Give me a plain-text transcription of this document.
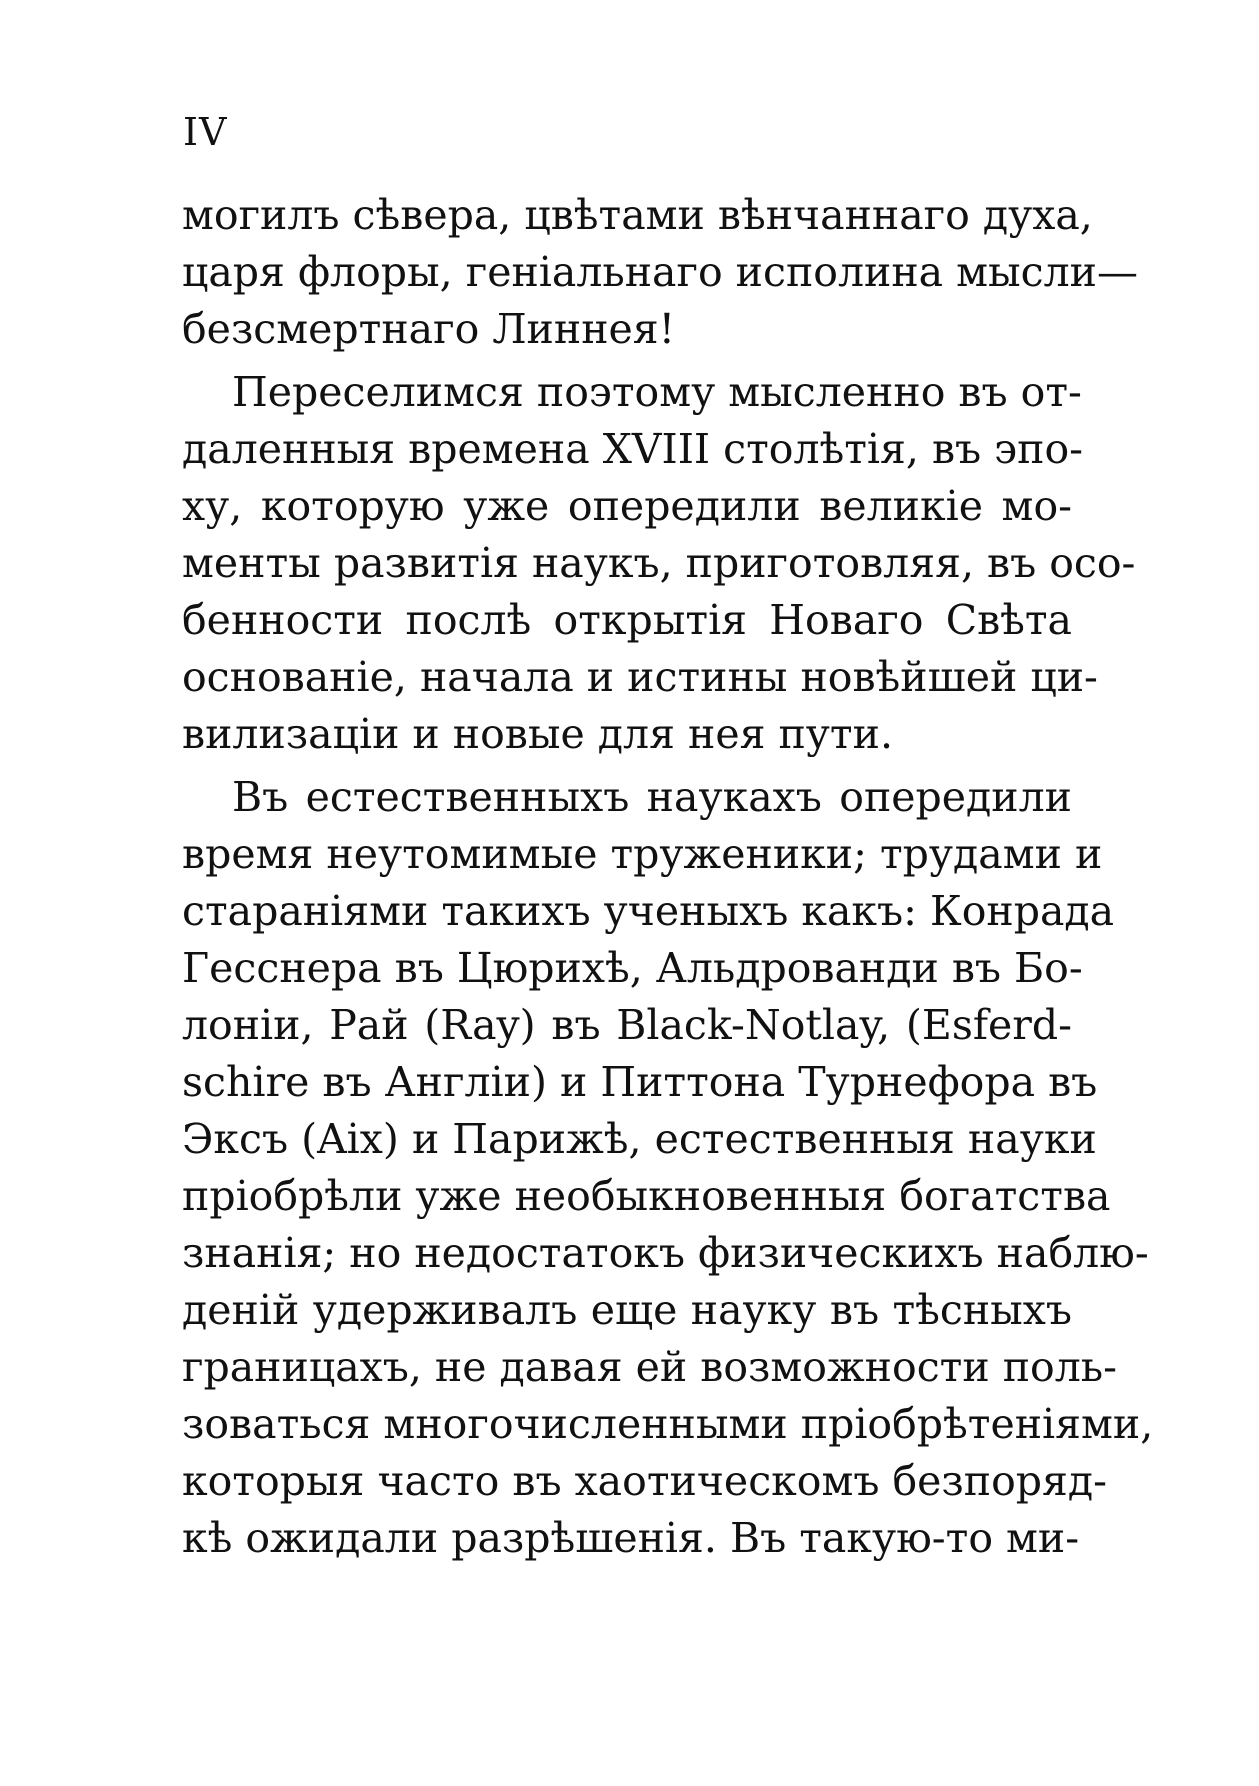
IV
могилъ сѣвера, цвѣтами вѣнчаннаго духа,
царя флоры, геніальнаго исполина мысли—
безсмертнаго Линнея!
Переселимся поэтому мысленно въ от-
даленныя времена XVIII столѣтія, въ эпо-
ху, которую уже опередили великіе мо-
менты развитія наукъ, приготовляя, въ осо-
бенности послѣ открытія Новаго Свѣта
основаніе, начала и истины новѣйшей ци-
вилизаціи и новые для нея пути.
Въ естественныхъ наукахъ опередили
время неутомимые труженики; трудами и
стараніями такихъ ученыхъ какъ: Конрада
Гесснера въ Цюрихѣ, Альдрованди въ Бо-
лоніи, Рай (Ray) въ Black-Notlay, (Esferd-
schire въ Англіи) и Питтона Турнефора въ
Эксъ (Aix) и Парижѣ, естественныя науки
пріобрѣли уже необыкновенныя богатства
знанія; но недостатокъ физическихъ наблю-
деній удерживалъ еще науку въ тѣсныхъ
границахъ, не давая ей возможности поль-
зоваться многочисленными пріобрѣтеніями,
которыя часто въ хаотическомъ безпоряд-
кѣ ожидали разрѣшенія. Въ такую-то ми-
